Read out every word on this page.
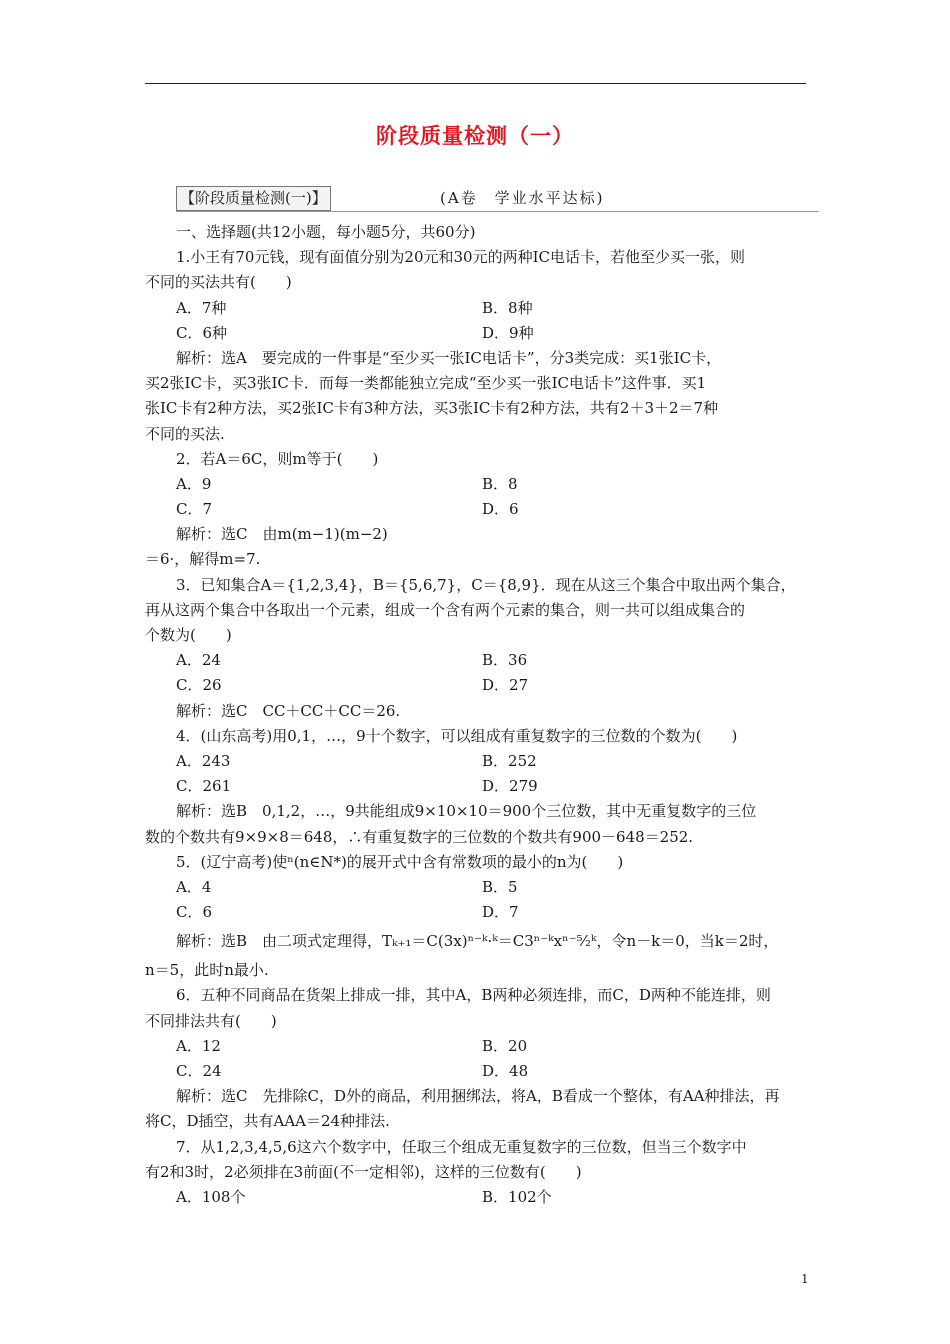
阶段质量检测（一）
【阶段质量检测(一)】	(A卷　学业水平达标)
一、选择题(共12小题，每小题5分，共60分)
1.小王有70元钱，现有面值分别为20元和30元的两种IC电话卡，若他至少买一张，则
不同的买法共有(　　)
A．7种	B．8种
C．6种	D．9种
解析：选A　要完成的一件事是“至少买一张IC电话卡”，分3类完成：买1张IC卡，
买2张IC卡，买3张IC卡．而每一类都能独立完成“至少买一张IC电话卡”这件事．买1
张IC卡有2种方法，买2张IC卡有3种方法，买3张IC卡有2种方法，共有2＋3＋2＝7种
不同的买法.
2．若A＝6C，则m等于(　　)
A．9	B．8
C．7	D．6
解析：选C　由m(m−1)(m−2)
＝6·，解得m=7.
3．已知集合A＝{1,2,3,4}，B＝{5,6,7}，C＝{8,9}．现在从这三个集合中取出两个集合，
再从这两个集合中各取出一个元素，组成一个含有两个元素的集合，则一共可以组成集合的
个数为(　　)
A．24	B．36
C．26	D．27
解析：选C　CC＋CC＋CC＝26.
4．(山东高考)用0,1，…，9十个数字，可以组成有重复数字的三位数的个数为(　　)
A．243	B．252
C．261	D．279
解析：选B　0,1,2，…，9共能组成9×10×10＝900个三位数，其中无重复数字的三位
数的个数共有9×9×8＝648，∴有重复数字的三位数的个数共有900－648＝252.
5．(辽宁高考)使ⁿ(n∈N*)的展开式中含有常数项的最小的n为(　　)
A．4	B．5
C．6	D．7
解析：选B　由二项式定理得，Tₖ₊₁＝C(3x)ⁿ⁻ᵏ·ᵏ＝C3ⁿ⁻ᵏxⁿ⁻⁵⁄₂ᵏ，令n－k＝0，当k＝2时，
n＝5，此时n最小.
6．五种不同商品在货架上排成一排，其中A，B两种必须连排，而C，D两种不能连排，则
不同排法共有(　　)
A．12	B．20
C．24	D．48
解析：选C　先排除C，D外的商品，利用捆绑法，将A，B看成一个整体，有AA种排法，再
将C，D插空，共有AAA＝24种排法.
7．从1,2,3,4,5,6这六个数字中，任取三个组成无重复数字的三位数，但当三个数字中
有2和3时，2必须排在3前面(不一定相邻)，这样的三位数有(　　)
A．108个	B．102个
1
